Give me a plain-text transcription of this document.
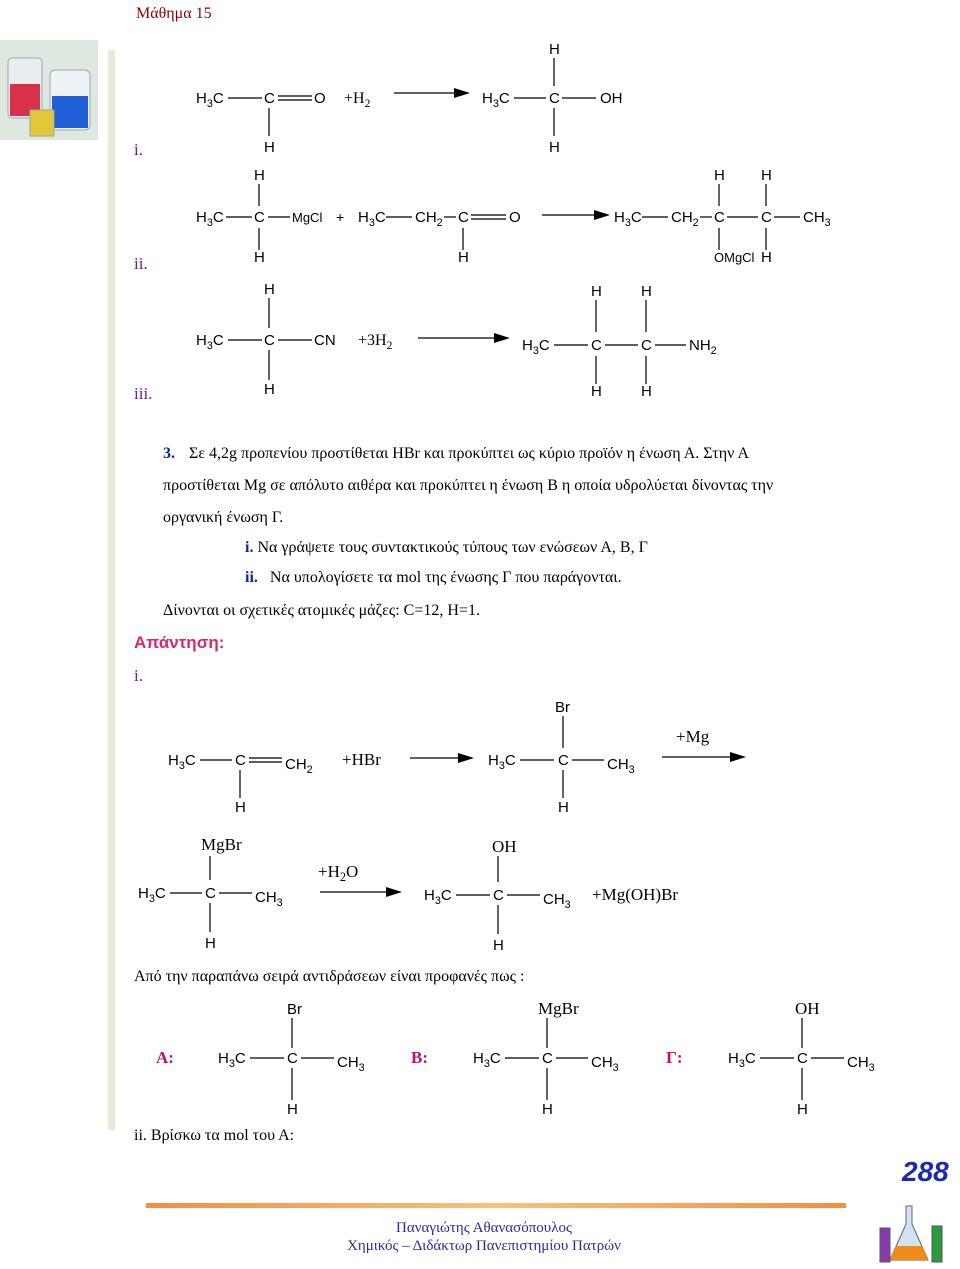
Μάθημα 15
i.
ii.
iii.
3. Σε 4,2g προπενίου προστίθεται HBr και προκύπτει ως κύριο προϊόν η ένωση Α. Στην Α
προστίθεται Mg σε απόλυτο αιθέρα και προκύπτει η ένωση Β η οποία υδρολύεται δίνοντας την
οργανική ένωση Γ.
i. Να γράψετε τους συντακτικούς τύπους των ενώσεων Α, Β, Γ
ii. Να υπολογίσετε τα mol της ένωσης Γ που παράγονται.
Δίνονται οι σχετικές ατομικές μάζες: C=12, H=1.
Απάντηση:
i.
Από την παραπάνω σειρά αντιδράσεων είναι προφανές πως :
Α:	Β:	Γ:
ii. Βρίσκω τα mol του Α:
288
Παναγιώτης Αθανασόπουλος
Χημικός – Διδάκτωρ Πανεπιστημίου Πατρών
$H_3C$	C	$O +H_2$	$H_3C$	C	OH
H
H
H
$H_3C$ C MgCl
H
H
+ $H_3C$ $CH_2$ C	O
H
$H_3C$ $CH_2$ C C $CH_3$
H H
OMgCl H
$H_3C$	C	CN
H
H
$+3H_2$	$H_3C$	C	C $NH_2$
H	H
H	H
$H_3C$	C	$CH_2$
H
+HBr	$H_3C$	C	$CH_3$
Br
H
+Mg
$H_3C$	C	$CH_3$
MgBr
H
$+H_2O$
$H_3C$	C	$CH_3$
OH
H
+Mg(OH)Br
$H_3C$	C	$CH_3$
Br
H
$H_3C$	C	$CH_3$
MgBr
H
$H_3C$	C	$CH_3$
OH
H
